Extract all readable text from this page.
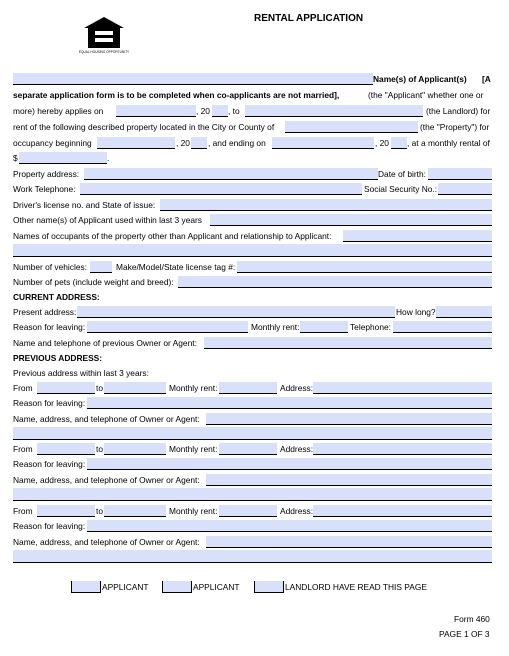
EQUAL HOUSING OPPORTUNITY
RENTAL APPLICATION
Name(s) of Applicant(s) [A
separate application form is to be completed when co-applicants are not married],	(the "Applicant" whether one or
more) hereby applies on	, 20 , to	(the Landlord) for
rent of the following described property located in the City or County of	(the "Property") for
occupancy beginning	, 20 , and ending on	, 20 , at a monthly rental of
$	.
Property address:	Date of birth:
Work Telephone:	Social Security No.:
Driver's license no. and State of issue:
Other name(s) of Applicant used within last 3 years
Names of occupants of the property other than Applicant and relationship to Applicant:
Number of vehicles:	Make/Model/State license tag #:
Number of pets (include weight and breed):
CURRENT ADDRESS:
Present address:	How long?
Reason for leaving:	Monthly rent:	Telephone:
Name and telephone of previous Owner or Agent:
PREVIOUS ADDRESS:
Previous address within last 3 years:
From	to	Monthly rent:	Address:
Reason for leaving:
Name, address, and telephone of Owner or Agent:
From	to	Monthly rent:	Address:
Reason for leaving:
Name, address, and telephone of Owner or Agent:
From	to	Monthly rent:	Address:
Reason for leaving:
Name, address, and telephone of Owner or Agent:
APPLICANT	APPLICANT	LANDLORD HAVE READ THIS PAGE
Form 460
PAGE 1 OF 3
